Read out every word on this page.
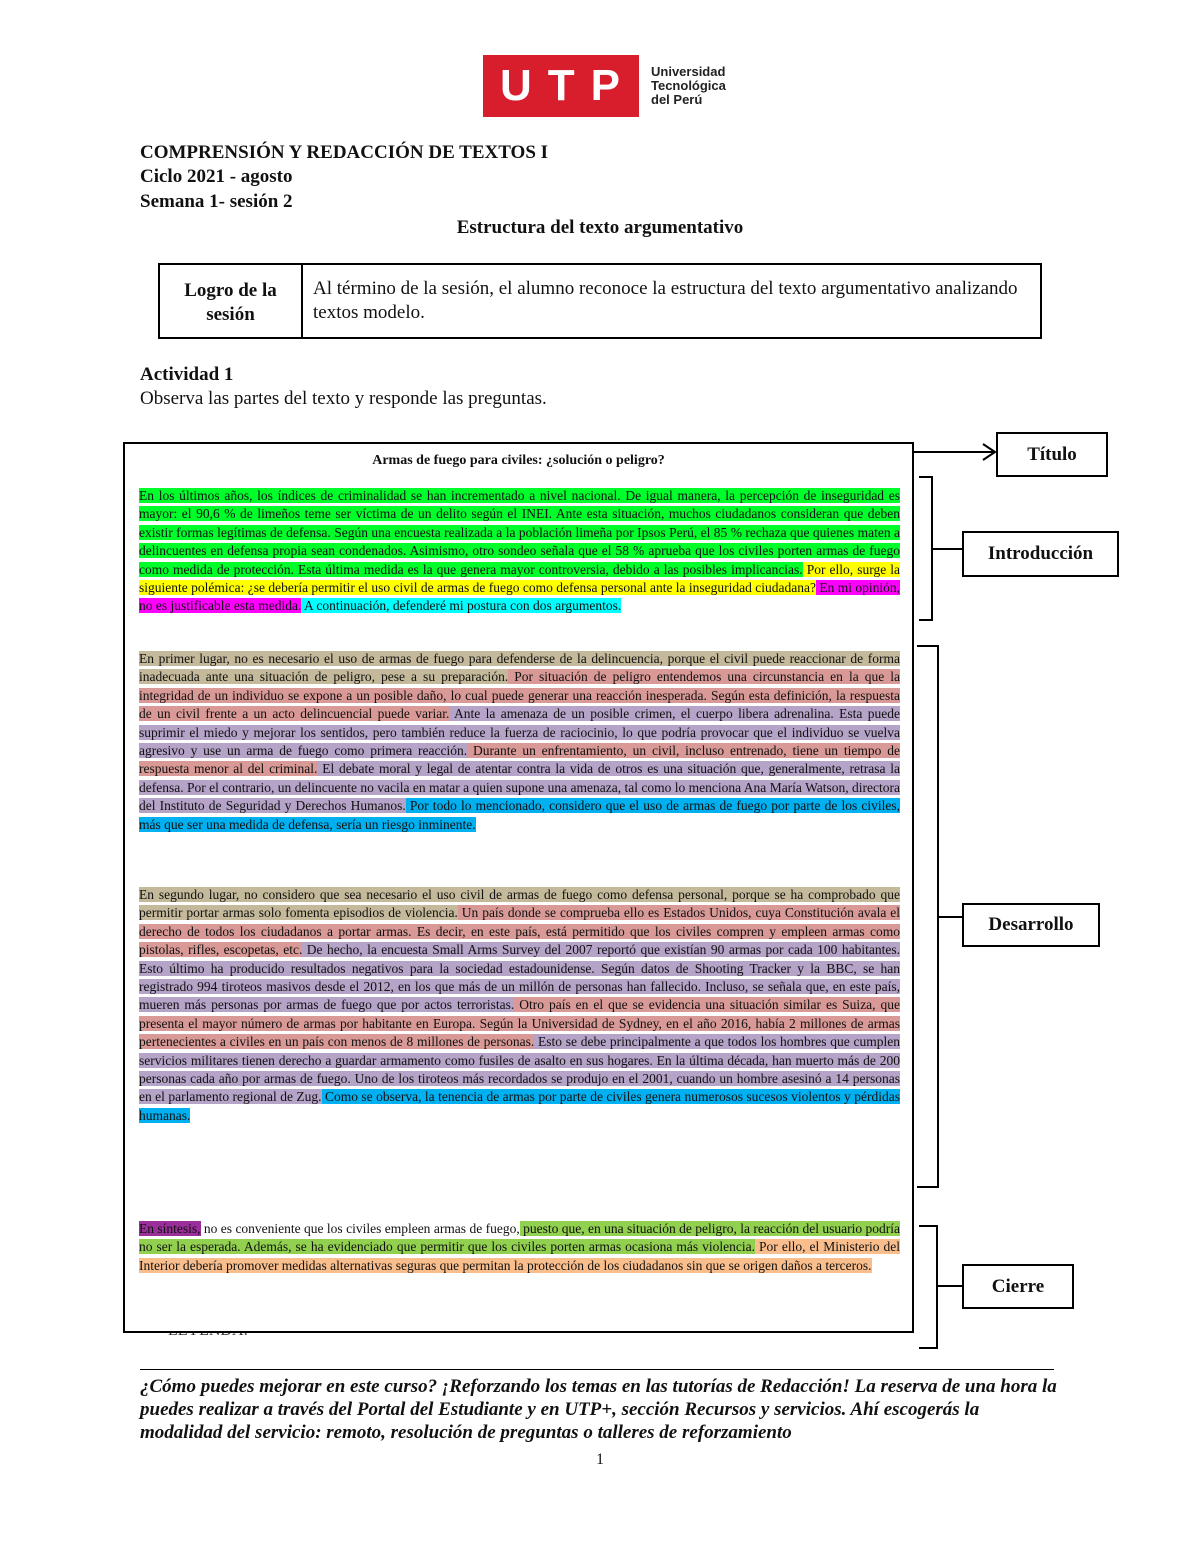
U T P Universidad
Tecnológica
del Perú
COMPRENSIÓN Y REDACCIÓN DE TEXTOS I
Ciclo 2021 - agosto
Semana 1- sesión 2
Estructura del texto argumentativo
Logro de la sesión	Al término de la sesión, el alumno reconoce la estructura del texto argumentativo analizando textos modelo.
Actividad 1
Observa las partes del texto y responde las preguntas.
Armas de fuego para civiles: ¿solución o peligro?
En los últimos años, los índices de criminalidad se han incrementado a nivel nacional. De igual manera, la percepción de inseguridad es mayor: el 90,6 % de limeños teme ser víctima de un delito según el INEI. Ante esta situación, muchos ciudadanos consideran que deben existir formas legítimas de defensa. Según una encuesta realizada a la población limeña por Ipsos Perú, el 85 % rechaza que quienes maten a delincuentes en defensa propia sean condenados. Asimismo, otro sondeo señala que el 58 % aprueba que los civiles porten armas de fuego como medida de protección. Esta última medida es la que genera mayor controversia, debido a las posibles implicancias. Por ello, surge la siguiente polémica: ¿se debería permitir el uso civil de armas de fuego como defensa personal ante la inseguridad ciudadana? En mi opinión, no es justificable esta medida. A continuación, defenderé mi postura con dos argumentos.
En primer lugar, no es necesario el uso de armas de fuego para defenderse de la delincuencia, porque el civil puede reaccionar de forma inadecuada ante una situación de peligro, pese a su preparación. Por situación de peligro entendemos una circunstancia en la que la integridad de un individuo se expone a un posible daño, lo cual puede generar una reacción inesperada. Según esta definición, la respuesta de un civil frente a un acto delincuencial puede variar. Ante la amenaza de un posible crimen, el cuerpo libera adrenalina. Esta puede suprimir el miedo y mejorar los sentidos, pero también reduce la fuerza de raciocinio, lo que podría provocar que el individuo se vuelva agresivo y use un arma de fuego como primera reacción. Durante un enfrentamiento, un civil, incluso entrenado, tiene un tiempo de respuesta menor al del criminal. El debate moral y legal de atentar contra la vida de otros es una situación que, generalmente, retrasa la defensa. Por el contrario, un delincuente no vacila en matar a quien supone una amenaza, tal como lo menciona Ana María Watson, directora del Instituto de Seguridad y Derechos Humanos. Por todo lo mencionado, considero que el uso de armas de fuego por parte de los civiles, más que ser una medida de defensa, sería un riesgo inminente.
En segundo lugar, no considero que sea necesario el uso civil de armas de fuego como defensa personal, porque se ha comprobado que permitir portar armas solo fomenta episodios de violencia. Un país donde se comprueba ello es Estados Unidos, cuya Constitución avala el derecho de todos los ciudadanos a portar armas. Es decir, en este país, está permitido que los civiles compren y empleen armas como pistolas, rifles, escopetas, etc. De hecho, la encuesta Small Arms Survey del 2007 reportó que existían 90 armas por cada 100 habitantes. Esto último ha producido resultados negativos para la sociedad estadounidense. Según datos de Shooting Tracker y la BBC, se han registrado 994 tiroteos masivos desde el 2012, en los que más de un millón de personas han fallecido. Incluso, se señala que, en este país, mueren más personas por armas de fuego que por actos terroristas. Otro país en el que se evidencia una situación similar es Suiza, que presenta el mayor número de armas por habitante en Europa. Según la Universidad de Sydney, en el año 2016, había 2 millones de armas pertenecientes a civiles en un país con menos de 8 millones de personas. Esto se debe principalmente a que todos los hombres que cumplen servicios militares tienen derecho a guardar armamento como fusiles de asalto en sus hogares. En la última década, han muerto más de 200 personas cada año por armas de fuego. Uno de los tiroteos más recordados se produjo en el 2001, cuando un hombre asesinó a 14 personas en el parlamento regional de Zug. Como se observa, la tenencia de armas por parte de civiles genera numerosos sucesos violentos y pérdidas humanas.
En síntesis, no es conveniente que los civiles empleen armas de fuego, puesto que, en una situación de peligro, la reacción del usuario podría no ser la esperada. Además, se ha evidenciado que permitir que los civiles porten armas ocasiona más violencia. Por ello, el Ministerio del Interior debería promover medidas alternativas seguras que permitan la protección de los ciudadanos sin que se origen daños a terceros.
Título
Introducción
Desarrollo
Cierre
¿Cómo puedes mejorar en este curso? ¡Reforzando los temas en las tutorías de Redacción! La reserva de una hora la puedes realizar a través del Portal del Estudiante y en UTP+, sección Recursos y servicios. Ahí escogerás la modalidad del servicio: remoto, resolución de preguntas o talleres de reforzamiento
1
